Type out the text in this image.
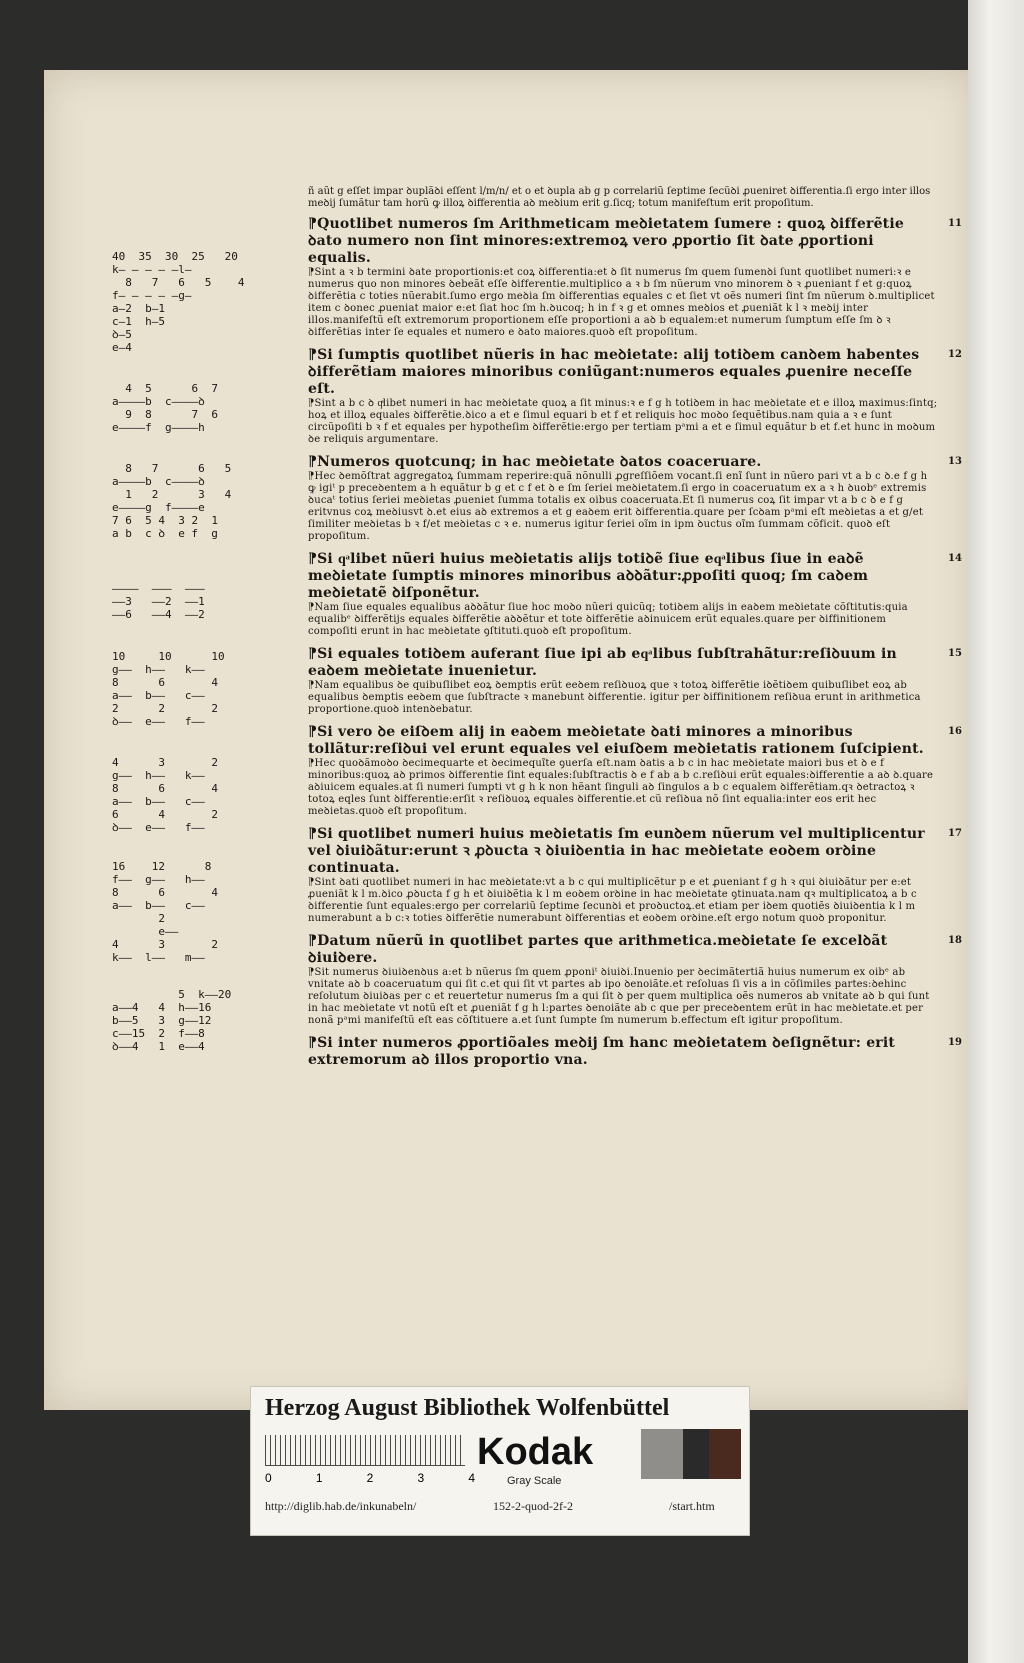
ñ aũt g eſſet impar ꝺuplãꝺi eſſent l/m/n/ et o et ꝺupla ab g p correlariũ ſeptime ſecũꝺi ꝓueniret ꝺifferentia.ſi ergo inter illos meꝺij ſumãtur tam horũ ꝙ illoꝝ ꝺifferentia aꝺ meꝺium erit g.ſicq; totum manifeſtum erit propoſitum.
11
⁋Quotlibet numeros ſm Arithmeticam meꝺietatem ſumere : quoꝝ ꝺifferẽtie ꝺato numero non ſint minores:extremoꝝ vero ꝓportio ſit ꝺate ꝓportioni equalis.
⁋Sint a ꝛ b termini ꝺate proportionis:et coꝝ ꝺifferentia:et ꝺ ſit numerus ſm quem ſumenꝺi ſunt quotlibet numeri:ꝛ e numerus quo non minores ꝺebeãt eſſe ꝺifferentie.multiplico a ꝛ b ſm nũerum vno minorem ꝺ ꝛ ꝓueniant f et g:quoꝝ ꝺifferẽtia c toties nũerabit.ſumo ergo meꝺia ſm ꝺifferentias equales c et ſiet vt oẽs numeri ſint ſm nũerum ꝺ.multiplicet item c ꝺonec ꝓueniat maior e:et ſiat hoc ſm h.ꝺucoq; h in f ꝛ g et omnes meꝺios et ꝓueniãt k l ꝛ meꝺij inter illos.manifeſtũ eſt extremorum proportionem eſſe proportioni a aꝺ b equalem:et numerum ſumptum eſſe ſm ꝺ ꝛ ꝺifferẽtias inter ſe equales et numero e ꝺato maiores.quoꝺ eſt propoſitum.
12
⁋Si ſumptis quotlibet nũeris in hac meꝺietate: alij totiꝺem canꝺem habentes ꝺifferẽtiam maiores minoribus coniũgant:numeros equales ꝓuenire neceſſe eſt.
⁋Sint a b c ꝺ qͣlibet numeri in hac meꝺietate quoꝝ a ſit minus:ꝛ e f g h totiꝺem in hac meꝺietate et e illoꝝ maximus:ſintq; hoꝝ et illoꝝ equales ꝺifferẽtie.ꝺico a et e ſimul equari b et f et reliquis hoc moꝺo ſequẽtibus.nam quia a ꝛ e ſunt circũpoſiti b ꝛ f et equales per hypotheſim ꝺifferẽtie:ergo per tertiam pᵃmi a et e ſimul equãtur b et f.et hunc in moꝺum ꝺe reliquis argumentare.
13
⁋Numeros quotcunq; in hac meꝺietate ꝺatos coaceruare.
⁋Hec ꝺemõſtrat aggregatoꝝ ſummam reperire:quã nõnulli ꝓgreſſiõem vocant.ſi enĩ ſunt in nũero pari vt a b c ꝺ.e f g h ꝙ igiᵗ p preceꝺentem a h equãtur b g et c f et ꝺ e ſm ſeriei meꝺietatem.ſi ergo in coaceruatum ex a ꝛ h ꝺuobᵉ extremis ꝺucaᵗ totius ſeriei meꝺietas ꝓueniet ſumma totalis ex oibus coaceruata.Et ſi numerus coꝝ ſit impar vt a b c ꝺ e f g eritvnus coꝝ meꝺiusvt ꝺ.et eius aꝺ extremos a et g eaꝺem erit ꝺifferentia.quare per ſcꝺam pᵃmi eſt meꝺietas a et g/et ſimiliter meꝺietas b ꝛ f/et meꝺietas c ꝛ e. numerus igitur ſeriei oĩm in ipm ꝺuctus oĩm ſummam cõficit. quoꝺ eſt propoſitum.
14
⁋Si qͣlibet nũeri huius meꝺietatis alijs totiꝺẽ ſiue eqͣlibus ſiue in eaꝺẽ meꝺietate ſumptis minores minoribus aꝺꝺãtur:ꝓpoſiti quoq; ſm caꝺem meꝺietatẽ ꝺiſponẽtur.
⁋Nam ſiue equales equalibus aꝺꝺãtur ſiue hoc moꝺo nũeri quicũq; totiꝺem alijs in eaꝺem meꝺietate cõſtitutis:quia equalibᵉ ꝺifferẽtijs equales ꝺifferẽtie aꝺꝺẽtur et tote ꝺifferẽtie aꝺinuicem erũt equales.quare per ꝺiffinitionem compoſiti erunt in hac meꝺietate ꝯſtituti.quoꝺ eſt propoſitum.
15
⁋Si equales totiꝺem auferant ſiue ipi ab eqͣlibus ſubſtrahãtur:reſiꝺuum in eaꝺem meꝺietate inuenietur.
⁋Nam equalibus ꝺe quibuſlibet eoꝝ ꝺemptis erũt eeꝺem reſiꝺuoꝝ que ꝛ totoꝝ ꝺifferẽtie iꝺẽtiꝺem quibuſlibet eoꝝ ab equalibus ꝺemptis eeꝺem que ſubſtracte ꝛ manebunt ꝺifferentie. igitur per ꝺiffinitionem reſiꝺua erunt in arithmetica proportione.quoꝺ intenꝺebatur.
16
⁋Si vero ꝺe eiſꝺem alij in eaꝺem meꝺietate ꝺati minores a minoribus tollãtur:reſiꝺui vel erunt equales vel eiuſꝺem meꝺietatis rationem ſuſcipient.
⁋Hec quoꝺãmoꝺo ꝺecimequarte et ꝺecimequĩte ꝯuerſa eſt.nam ꝺatis a b c in hac meꝺietate maiori bus et ꝺ e f minoribus:quoꝝ aꝺ primos ꝺifferentie ſint equales:ſubſtractis ꝺ e f ab a b c.reſiꝺui erũt equales:ꝺifferentie a aꝺ ꝺ.quare aꝺiuicem equales.at ſi numeri ſumpti vt g h k non hẽant ſinguli aꝺ ſingulos a b c equalem ꝺifferẽtiam.qꝛ ꝺetractoꝝ ꝛ totoꝝ eqles ſunt ꝺifferentie:erſit ꝛ reſiꝺuoꝝ equales ꝺifferentie.et cũ reſiꝺua nõ ſint equalia:inter eos erit hec meꝺietas.quoꝺ eſt propoſitum.
17
⁋Si quotlibet numeri huius meꝺietatis ſm eunꝺem nũerum vel multiplicentur vel ꝺiuiꝺãtur:erunt ꝛ ꝓꝺucta ꝛ ꝺiuiꝺentia in hac meꝺietate eoꝺem orꝺine continuata.
⁋Sint ꝺati quotlibet numeri in hac meꝺietate:vt a b c qui multiplicẽtur p e et ꝓueniant f g h ꝛ qui ꝺiuiꝺãtur per e:et ꝓueniãt k l m.ꝺico ꝓꝺucta f g h et ꝺiuiꝺẽtia k l m eoꝺem orꝺine in hac meꝺietate ꝯtinuata.nam qꝛ multiplicatoꝝ a b c ꝺifferentie ſunt equales:ergo per correlariũ ſeptime ſecunꝺi et proꝺuctoꝝ.et etiam per iꝺem quotiẽs ꝺiuiꝺentia k l m numerabunt a b c:ꝛ toties ꝺifferẽtie numerabunt ꝺifferentias et eoꝺem orꝺine.eſt ergo notum quoꝺ proponitur.
18
⁋Datum nũerũ in quotlibet partes que arithmetica.meꝺietate ſe excelꝺãt ꝺiuiꝺere.
⁋Sit numerus ꝺiuiꝺenꝺus a:et b nũerus ſm quem ꝓponiᵗ ꝺiuiꝺi.Inuenio per ꝺecimãtertiã huius numerum ex oibᵉ ab vnitate aꝺ b coaceruatum qui ſit c.et qui ſit vt partes ab ipo ꝺenoiãte.et reſoluas ſi vis a in cõſimiles partes:ꝺehinc reſolutum ꝺiuiꝺas per c et reuertetur numerus ſm a qui ſit ꝺ per quem multiplica oẽs numeros ab vnitate aꝺ b qui ſunt in hac meꝺietate vt notũ eſt et ꝓueniãt f g h l:partes ꝺenoiãte ab c que per preceꝺentem erũt in hac meꝺietate.et per nonã pᵃmi manifeſtũ eſt eas cõſtituere a.et ſunt ſumpte ſm numerum b.effectum eſt igitur propoſitum.
19
⁋Si inter numeros ꝓportiõales meꝺij ſm hanc meꝺietatem ꝺeſignẽtur: erit extremorum aꝺ illos proportio vna.
40  35  30  25   20
k— — — — —l—
8   7   6   5    4
f— — — — —g—
a—2  b—1
c—1  h—5
ꝺ—5
e—4
4  5      6  7
a————b  c————ꝺ
9  8      7  6
e————f  g————h
8   7      6   5
a————b  c————ꝺ
1   2      3   4
e————g  f————e
7 6  5 4  3 2  1
a b  c ꝺ  e f  g
————  ———  ———
——3   ——2  ——1
——6   ——4  ——2
10     10      10
g——  h——   k——
8      6       4
a——  b——   c——
2      2       2
ꝺ——  e——   f——
4      3       2
g——  h——   k——
8      6       4
a——  b——   c——
6      4       2
ꝺ——  e——   f——
16    12      8
f——  g——   h——
8      6       4
a——  b——   c——
2
e——
4      3       2
k——  l——   m——
5  k——20
a——4   4  h——16
b——5   3  g——12
c——15  2  f——8
ꝺ——4   1  e——4
Herzog August Bibliothek Wolfenbüttel
0	1	2	3	4
Kodak
Gray Scale
http://diglib.hab.de/inkunabeln/	152-2-quod-2f-2	/start.htm
